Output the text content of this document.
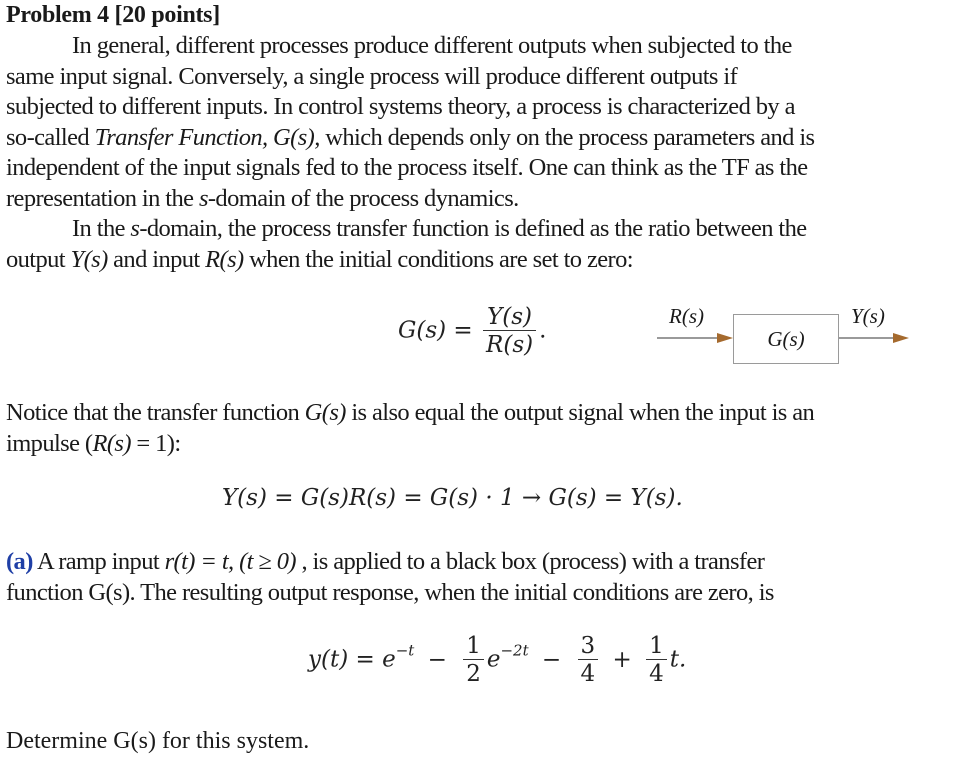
Problem 4 [20 points]
In general, different processes produce different outputs when subjected to the
same input signal. Conversely, a single process will produce different outputs if
subjected to different inputs. In control systems theory, a process is characterized by a
so-called Transfer Function, G(s), which depends only on the process parameters and is
independent of the input signals fed to the process itself. One can think as the TF as the
representation in the s-domain of the process dynamics.
In the s-domain, the process transfer function is defined as the ratio between the
output Y(s) and input R(s) when the initial conditions are set to zero:
$G(s) = \frac{Y(s)}{R(s)}$ .
R(s)
G(s)
Y(s)
Notice that the transfer function G(s) is also equal the output signal when the input is an
impulse (R(s) = 1):
Y(s) = G(s)R(s) = G(s) · 1 → G(s) = Y(s).
(a) A ramp input r(t) = t, (t ≥ 0) , is applied to a black box (process) with a transfer
function G(s). The resulting output response, when the initial conditions are zero, is
$y(t) = e^{-t} - \frac{1}{2} e^{-2t} - \frac{3}{4} + \frac{1}{4} t$.
Determine G(s) for this system.
